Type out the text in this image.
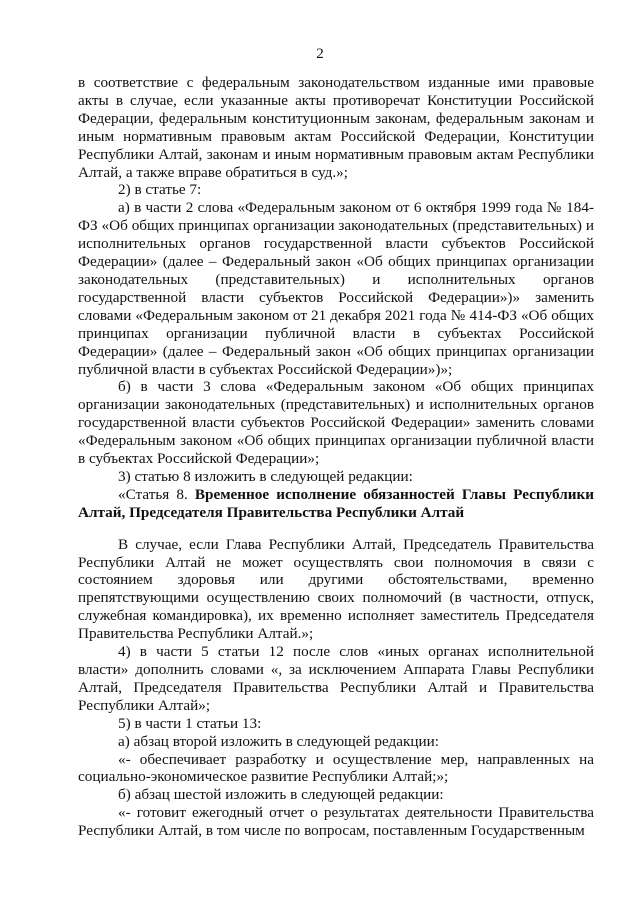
2

в соответствие с федеральным законодательством изданные ими правовые акты в случае, если указанные акты противоречат Конституции Российской Федерации, федеральным конституционным законам, федеральным законам и иным нормативным правовым актам Российской Федерации, Конституции Республики Алтай, законам и иным нормативным правовым актам Республики Алтай, а также вправе обратиться в суд.»;

2) в статье 7:

а) в части 2 слова «Федеральным законом от 6 октября 1999 года № 184-ФЗ «Об общих принципах организации законодательных (представительных) и исполнительных органов государственной власти субъектов Российской Федерации» (далее – Федеральный закон «Об общих принципах организации законодательных (представительных) и исполнительных органов государственной власти субъектов Российской Федерации»)» заменить словами «Федеральным законом от 21 декабря 2021 года № 414-ФЗ «Об общих принципах организации публичной власти в субъектах Российской Федерации» (далее – Федеральный закон «Об общих принципах организации публичной власти в субъектах Российской Федерации»)»;

б) в части 3 слова «Федеральным законом «Об общих принципах организации законодательных (представительных) и исполнительных органов государственной власти субъектов Российской Федерации» заменить словами «Федеральным законом «Об общих принципах организации публичной власти в субъектах Российской Федерации»;

3) статью 8 изложить в следующей редакции:

«Статья 8. Временное исполнение обязанностей Главы Республики Алтай, Председателя Правительства Республики Алтай

В случае, если Глава Республики Алтай, Председатель Правительства Республики Алтай не может осуществлять свои полномочия в связи с состоянием здоровья или другими обстоятельствами, временно препятствующими осуществлению своих полномочий (в частности, отпуск, служебная командировка), их временно исполняет заместитель Председателя Правительства Республики Алтай.»;

4) в части 5 статьи 12 после слов «иных органах исполнительной власти» дополнить словами «, за исключением Аппарата Главы Республики Алтай, Председателя Правительства Республики Алтай и Правительства Республики Алтай»;

5) в части 1 статьи 13:

а) абзац второй изложить в следующей редакции:

«- обеспечивает разработку и осуществление мер, направленных на социально-экономическое развитие Республики Алтай;»;

б) абзац шестой изложить в следующей редакции:

«- готовит ежегодный отчет о результатах деятельности Правительства Республики Алтай, в том числе по вопросам, поставленным Государственным
